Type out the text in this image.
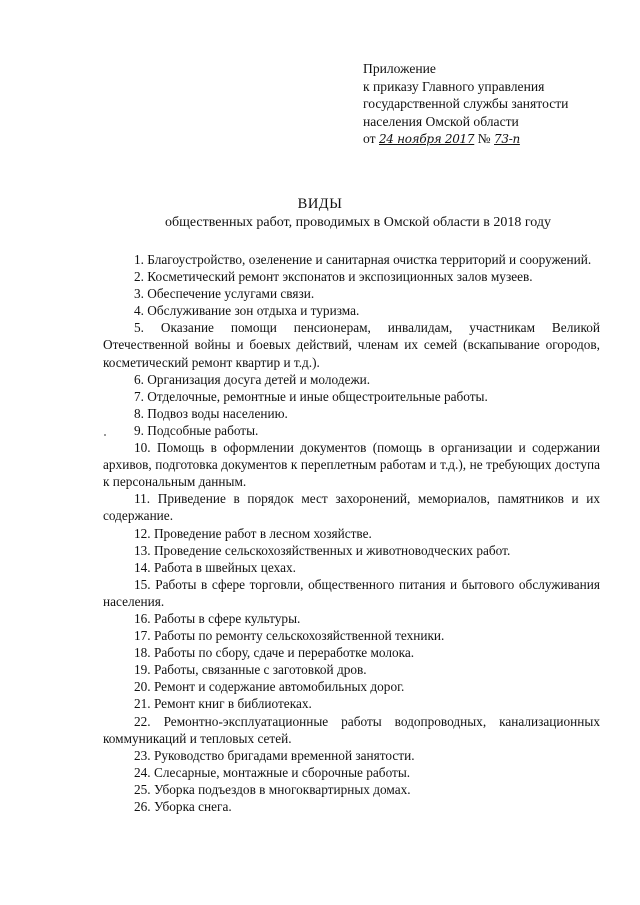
Приложение
к приказу Главного управления
государственной службы занятости
населения Омской области
от 24 ноября 2017 № 73-п
ВИДЫ
общественных работ, проводимых в Омской области в 2018 году

1. Благоустройство, озеленение и санитарная очистка территорий и сооружений.

2. Косметический ремонт экспонатов и экспозиционных залов музеев.

3. Обеспечение услугами связи.

4. Обслуживание зон отдыха и туризма.

5. Оказание помощи пенсионерам, инвалидам, участникам Великой Отечественной войны и боевых действий, членам их семей (вскапывание огородов, косметический ремонт квартир и т.д.).

6. Организация досуга детей и молодежи.

7. Отделочные, ремонтные и иные общестроительные работы.

8. Подвоз воды населению.

9. Подсобные работы.

10. Помощь в оформлении документов (помощь в организации и содержании архивов, подготовка документов к переплетным работам и т.д.), не требующих доступа к персональным данным.

11. Приведение в порядок мест захоронений, мемориалов, памятников и их содержание.

12. Проведение работ в лесном хозяйстве.

13. Проведение сельскохозяйственных и животноводческих работ.

14. Работа в швейных цехах.

15. Работы в сфере торговли, общественного питания и бытового обслуживания населения.

16. Работы в сфере культуры.

17. Работы по ремонту сельскохозяйственной техники.

18. Работы по сбору, сдаче и переработке молока.

19. Работы, связанные с заготовкой дров.

20. Ремонт и содержание автомобильных дорог.

21. Ремонт книг в библиотеках.

22. Ремонтно-эксплуатационные работы водопроводных, канализационных коммуникаций и тепловых сетей.

23. Руководство бригадами временной занятости.

24. Слесарные, монтажные и сборочные работы.

25. Уборка подъездов в многоквартирных домах.

26. Уборка снега.
